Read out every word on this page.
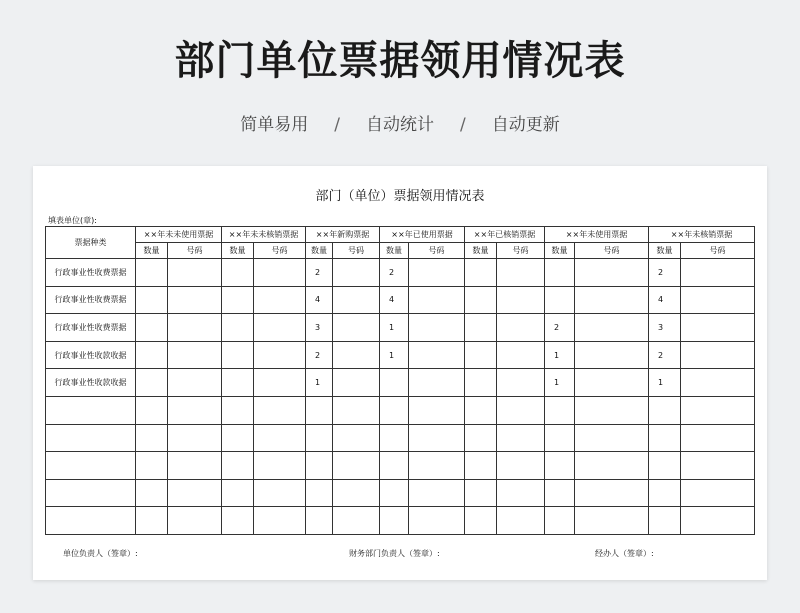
部门单位票据领用情况表
简单易用 / 自动统计 / 自动更新
部门（单位）票据领用情况表
填表单位(章):
票据种类	××年未未使用票据		××年未未核销票据		××年新购票据		××年已使用票据		××年已核销票据		××年未使用票据		××年未核销票据	
	数量	号码	数量	号码	数量	号码	数量	号码	数量	号码	数量	号码	数量	号码
行政事业性收费票据					2		2						2	
行政事业性收费票据					4		4						4	
行政事业性收费票据					3		1				2		3	
行政事业性收款收据					2		1				1		2	
行政事业性收款收据					1						1		1	

单位负责人（签章）:	财务部门负责人（签章）:	经办人（签章）:
